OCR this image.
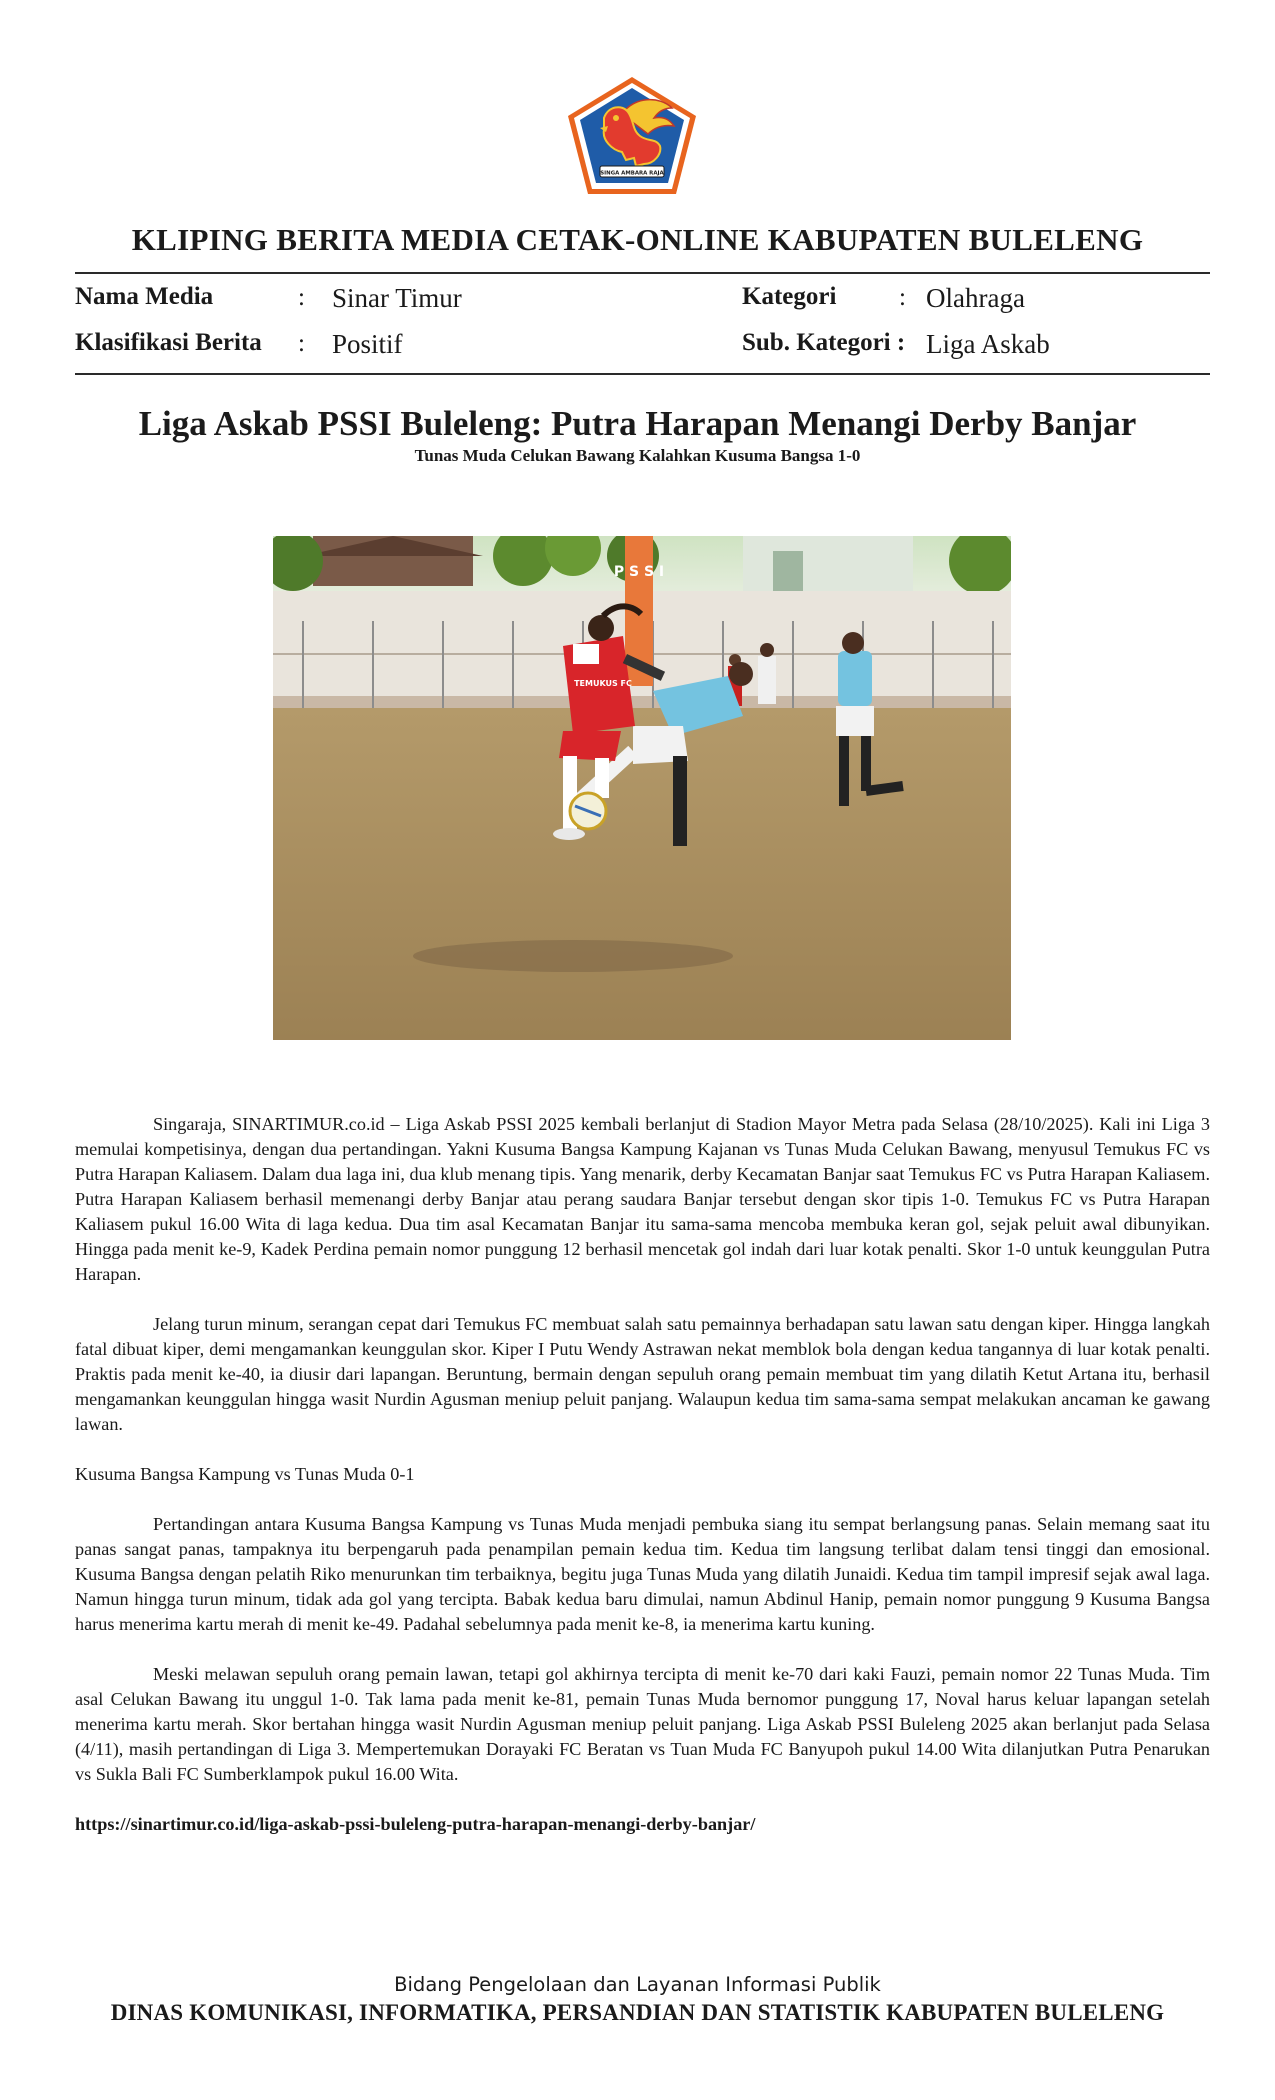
SINGA AMBARA RAJA
KLIPING BERITA MEDIA CETAK-ONLINE KABUPATEN BULELENG
Nama Media	: Sinar Timur
Klasifikasi Berita : Positif
Kategori	: Olahraga
Sub. Kategori : Liga Askab
Liga Askab PSSI Buleleng: Putra Harapan Menangi Derby Banjar
Tunas Muda Celukan Bawang Kalahkan Kusuma Bangsa 1-0
P S S I
TEMUKUS FC

Singaraja, SINARTIMUR.co.id – Liga Askab PSSI 2025 kembali berlanjut di Stadion Mayor Metra pada Selasa (28/10/2025). Kali ini Liga 3 memulai kompetisinya, dengan dua pertandingan. Yakni Kusuma Bangsa Kampung Kajanan vs Tunas Muda Celukan Bawang, menyusul Temukus FC vs Putra Harapan Kaliasem. Dalam dua laga ini, dua klub menang tipis. Yang menarik, derby Kecamatan Banjar saat Temukus FC vs Putra Harapan Kaliasem. Putra Harapan Kaliasem berhasil memenangi derby Banjar atau perang saudara Banjar tersebut dengan skor tipis 1-0. Temukus FC vs Putra Harapan Kaliasem pukul 16.00 Wita di laga kedua. Dua tim asal Kecamatan Banjar itu sama-sama mencoba membuka keran gol, sejak peluit awal dibunyikan. Hingga pada menit ke-9, Kadek Perdina pemain nomor punggung 12 berhasil mencetak gol indah dari luar kotak penalti. Skor 1-0 untuk keunggulan Putra Harapan.

Jelang turun minum, serangan cepat dari Temukus FC membuat salah satu pemainnya berhadapan satu lawan satu dengan kiper. Hingga langkah fatal dibuat kiper, demi mengamankan keunggulan skor. Kiper I Putu Wendy Astrawan nekat memblok bola dengan kedua tangannya di luar kotak penalti. Praktis pada menit ke-40, ia diusir dari lapangan. Beruntung, bermain dengan sepuluh orang pemain membuat tim yang dilatih Ketut Artana itu, berhasil mengamankan keunggulan hingga wasit Nurdin Agusman meniup peluit panjang. Walaupun kedua tim sama-sama sempat melakukan ancaman ke gawang lawan.

Kusuma Bangsa Kampung vs Tunas Muda 0-1

Pertandingan antara Kusuma Bangsa Kampung vs Tunas Muda menjadi pembuka siang itu sempat berlangsung panas. Selain memang saat itu panas sangat panas, tampaknya itu berpengaruh pada penampilan pemain kedua tim. Kedua tim langsung terlibat dalam tensi tinggi dan emosional. Kusuma Bangsa dengan pelatih Riko menurunkan tim terbaiknya, begitu juga Tunas Muda yang dilatih Junaidi. Kedua tim tampil impresif sejak awal laga. Namun hingga turun minum, tidak ada gol yang tercipta. Babak kedua baru dimulai, namun Abdinul Hanip, pemain nomor punggung 9 Kusuma Bangsa harus menerima kartu merah di menit ke-49. Padahal sebelumnya pada menit ke-8, ia menerima kartu kuning.

Meski melawan sepuluh orang pemain lawan, tetapi gol akhirnya tercipta di menit ke-70 dari kaki Fauzi, pemain nomor 22 Tunas Muda. Tim asal Celukan Bawang itu unggul 1-0. Tak lama pada menit ke-81, pemain Tunas Muda bernomor punggung 17, Noval harus keluar lapangan setelah menerima kartu merah. Skor bertahan hingga wasit Nurdin Agusman meniup peluit panjang. Liga Askab PSSI Buleleng 2025 akan berlanjut pada Selasa (4/11), masih pertandingan di Liga 3. Mempertemukan Dorayaki FC Beratan vs Tuan Muda FC Banyupoh pukul 14.00 Wita dilanjutkan Putra Penarukan vs Sukla Bali FC Sumberklampok pukul 16.00 Wita.

https://sinartimur.co.id/liga-askab-pssi-buleleng-putra-harapan-menangi-derby-banjar/

Bidang Pengelolaan dan Layanan Informasi Publik
DINAS KOMUNIKASI, INFORMATIKA, PERSANDIAN DAN STATISTIK KABUPATEN BULELENG
